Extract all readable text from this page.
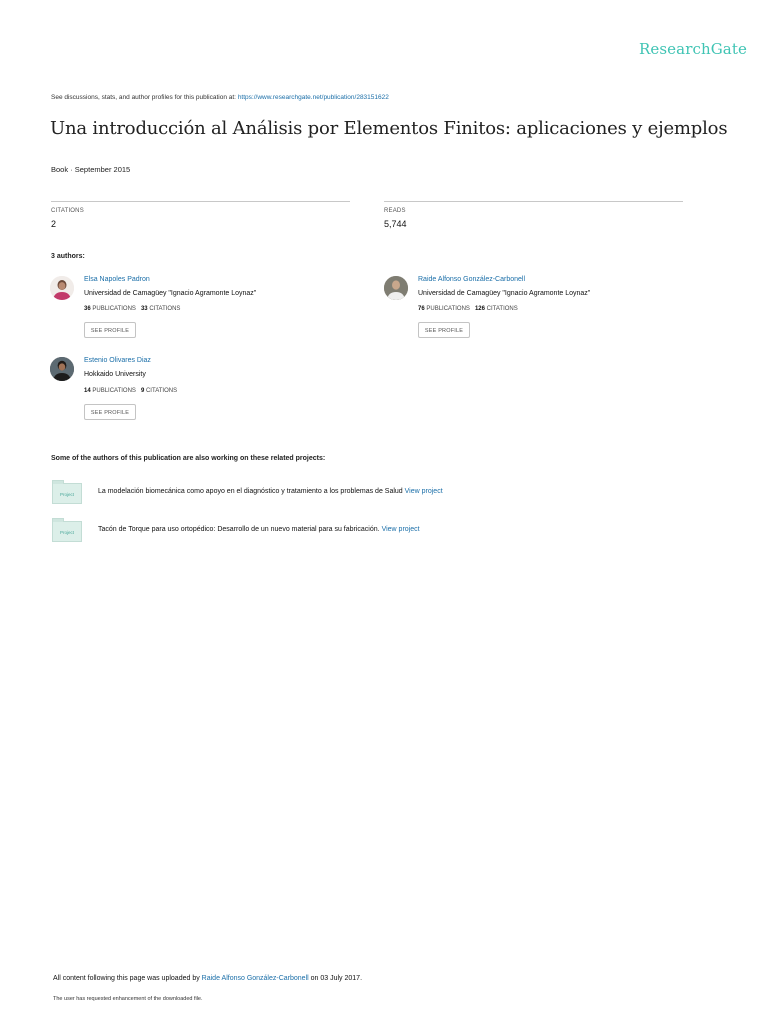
ResearchGate
See discussions, stats, and author profiles for this publication at: https://www.researchgate.net/publication/283151622
Una introducción al Análisis por Elementos Finitos: aplicaciones y ejemplos
Book · September 2015
CITATIONS
2
READS
5,744
3 authors:
Elsa Napoles Padron
Universidad de Camagüey "Ignacio Agramonte Loynaz"
36 PUBLICATIONS 33 CITATIONS
SEE PROFILE
Raide Alfonso González-Carbonell
Universidad de Camagüey "Ignacio Agramonte Loynaz"
76 PUBLICATIONS 126 CITATIONS
SEE PROFILE
Estenio Olivares Diaz
Hokkaido University
14 PUBLICATIONS 9 CITATIONS
SEE PROFILE
Some of the authors of this publication are also working on these related projects:
Project	La modelación biomecánica como apoyo en el diagnóstico y tratamiento a los problemas de Salud View project
Project	Tacón de Torque para uso ortopédico: Desarrollo de un nuevo material para su fabricación. View project
All content following this page was uploaded by Raide Alfonso González-Carbonell on 03 July 2017.
The user has requested enhancement of the downloaded file.
